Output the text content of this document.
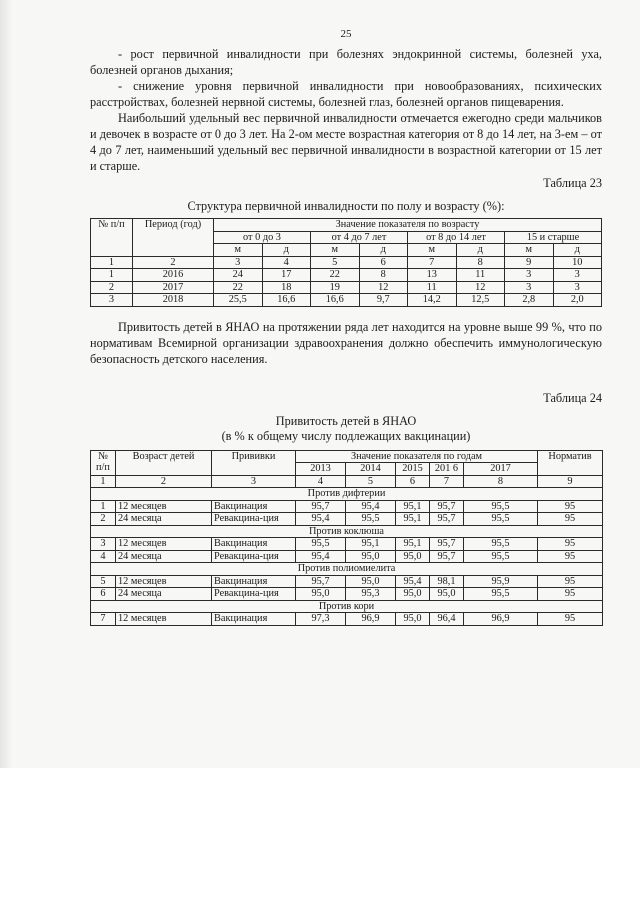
25

- рост первичной инвалидности при болезнях эндокринной системы, болезней уха, болезней органов дыхания;

- снижение уровня первичной инвалидности при новообразованиях, психических расстройствах, болезней нервной системы, болезней глаз, болезней органов пищеварения.

Наибольший удельный вес первичной инвалидности отмечается ежегодно среди мальчиков и девочек в возрасте от 0 до 3 лет. На 2-ом месте возрастная категория от 8 до 14 лет, на 3-ем – от 4 до 7 лет, наименьший удельный вес первичной инвалидности в возрастной категории от 15 лет и старше.

Таблица 23
Структура первичной инвалидности по полу и возрасту (%):
№ п/п	Период (год)	Значение показателя по возрасту							
		от 0 до 3		от 4 до 7 лет		от 8 до 14 лет		15 и старше	
		м	д	м	д	м	д	м	д
1	2	3	4	5	6	7	8	9	10
1	2016	24	17	22	8	13	11	3	3
2	2017	22	18	19	12	11	12	3	3
3	2018	25,5	16,6	16,6	9,7	14,2	12,5	2,8	2,0

Привитость детей в ЯНАО на протяжении ряда лет находится на уровне выше 99 %, что по нормативам Всемирной организации здравоохранения должно обеспечить иммунологическую безопасность детского населения.

Таблица 24
Привитость детей в ЯНАО
(в % к общему числу подлежащих вакцинации)
№ п/п	Возраст детей	Прививки	Значение показателя по годам					Норматив
			2013	2014	2015	201 6	2017	
1	2	3	4	5	6	7	8	9
Против дифтерии								
1	12 месяцев	Вакцинация	95,7	95,4	95,1	95,7	95,5	95
2	24 месяца	Ревакцина-ция	95,4	95,5	95,1	95,7	95,5	95
Против коклюша								
3	12 месяцев	Вакцинация	95,5	95,1	95,1	95,7	95,5	95
4	24 месяца	Ревакцина-ция	95,4	95,0	95,0	95,7	95,5	95
Против полиомиелита								
5	12 месяцев	Вакцинация	95,7	95,0	95,4	98,1	95,9	95
6	24 месяца	Ревакцина-ция	95,0	95,3	95,0	95,0	95,5	95
Против кори								
7	12 месяцев	Вакцинация	97,3	96,9	95,0	96,4	96,9	95
